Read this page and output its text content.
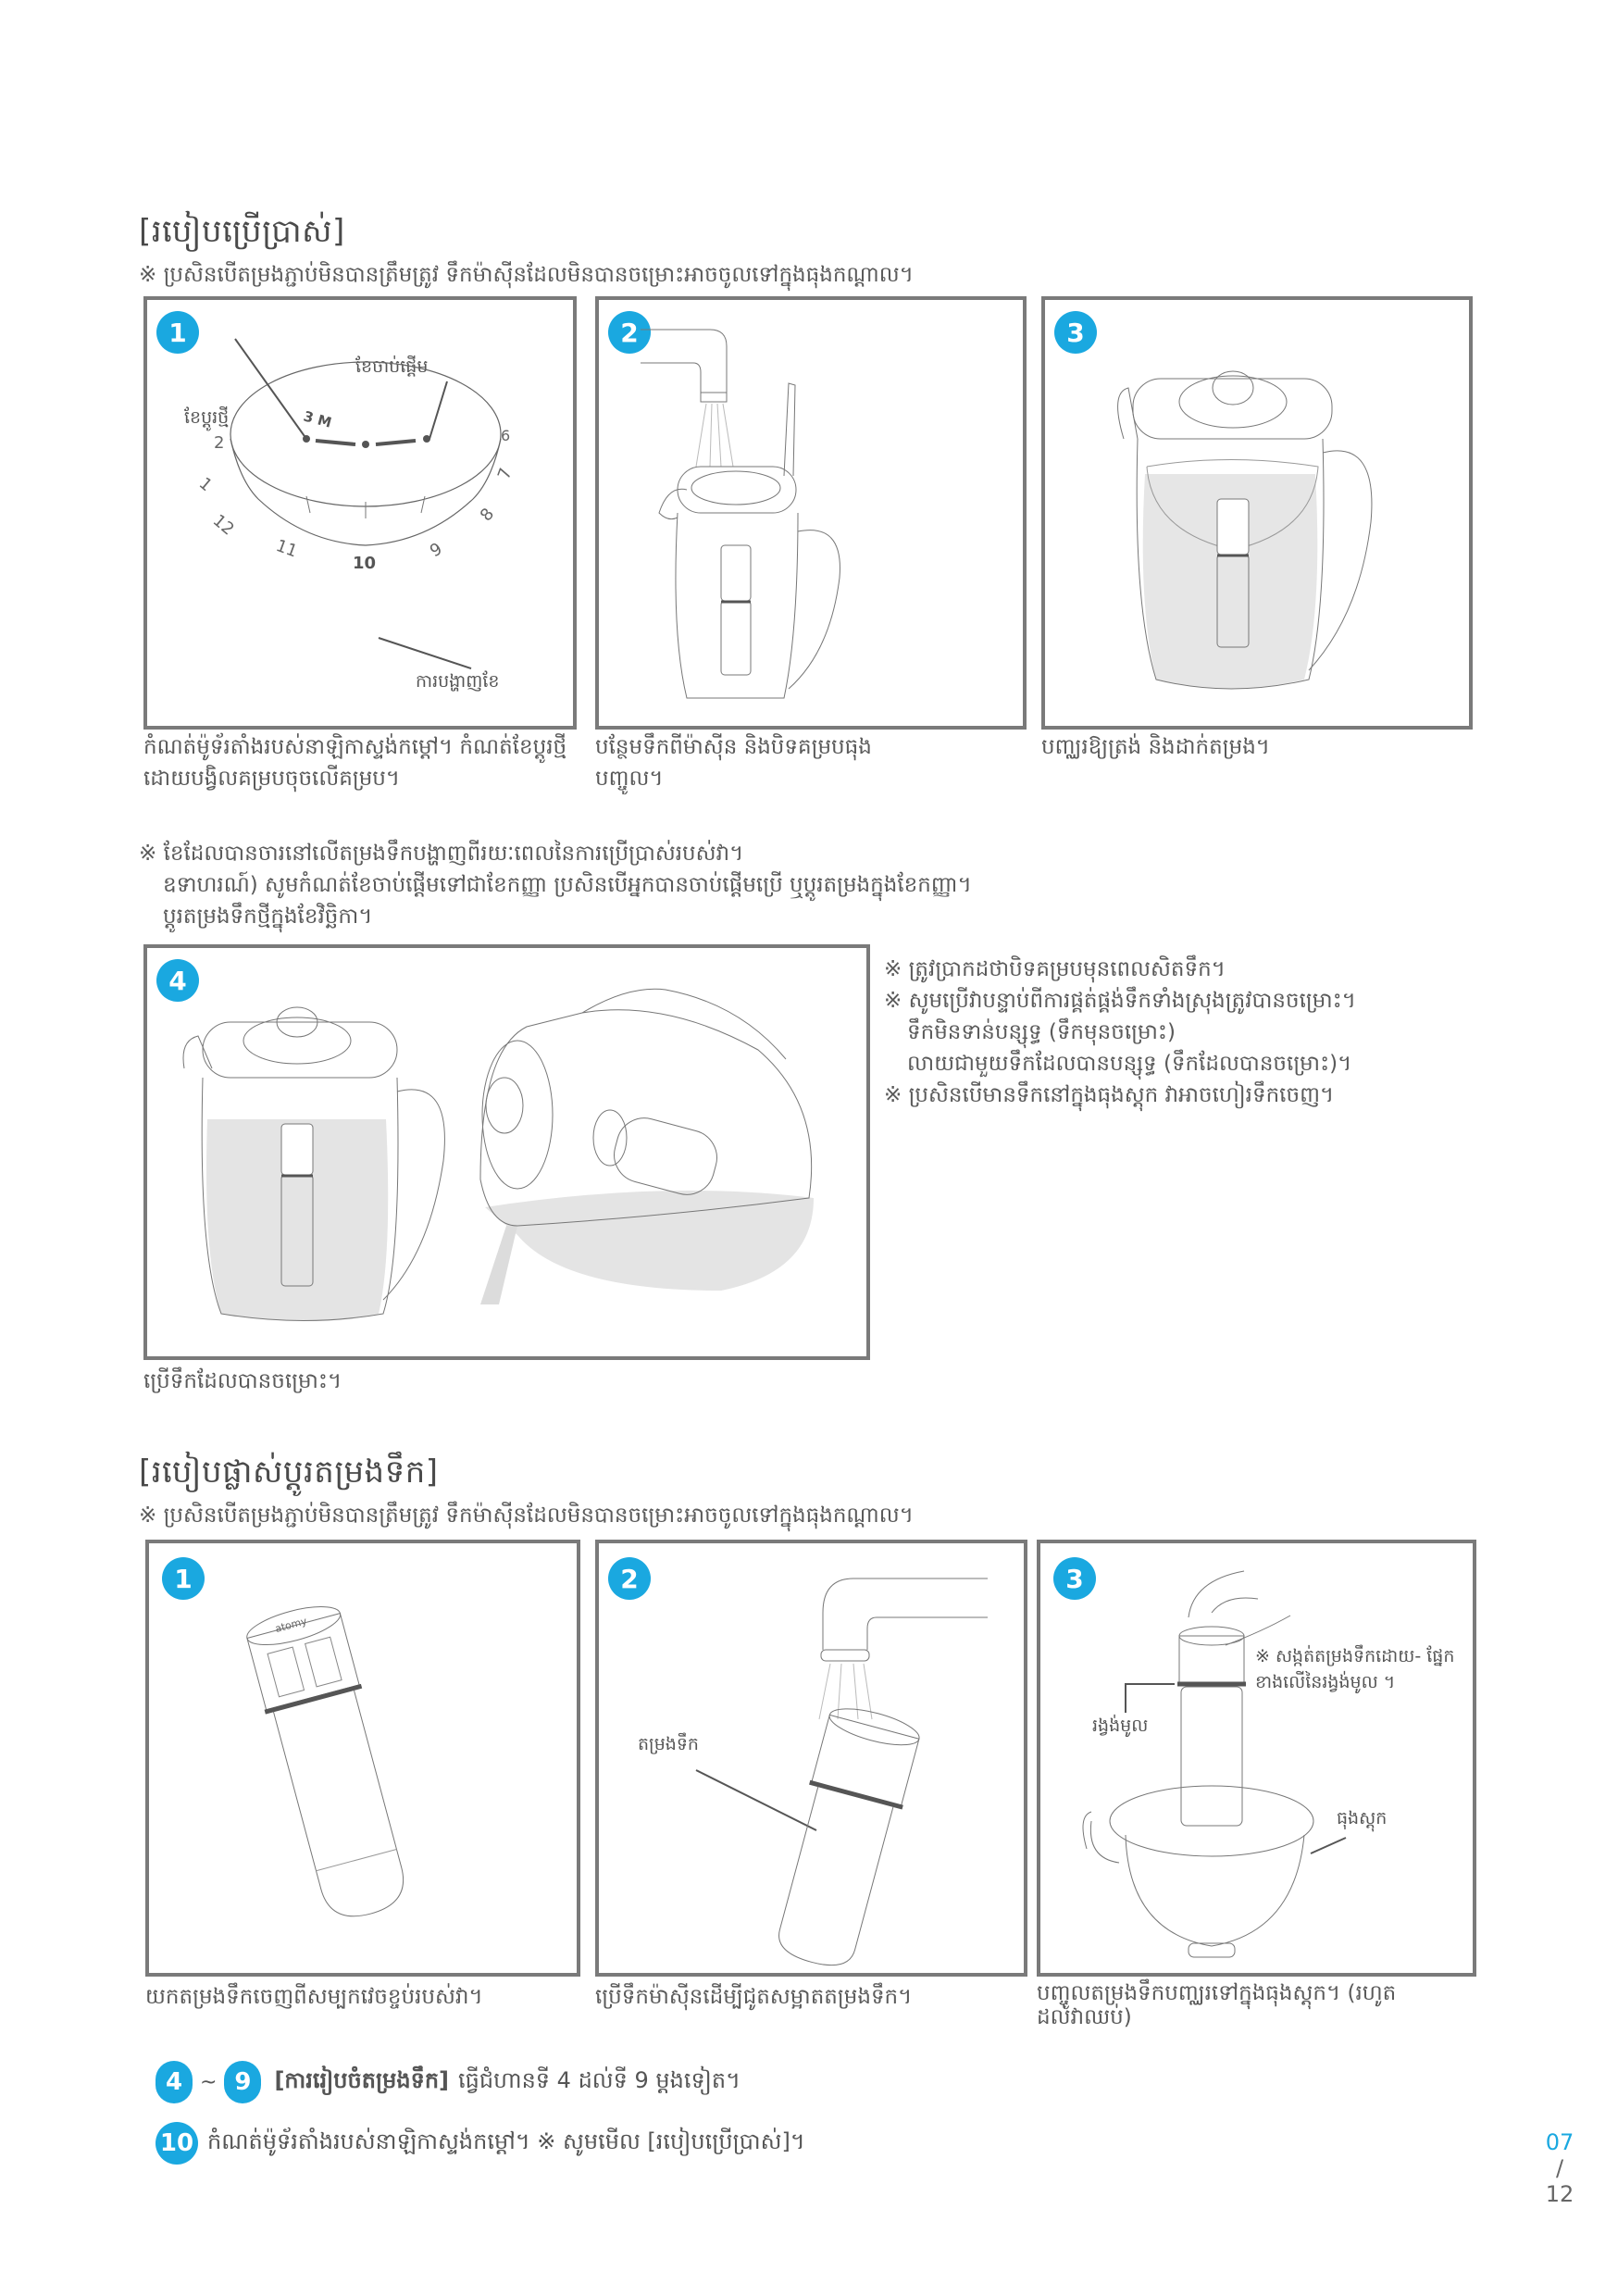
[របៀបប្រើប្រាស់]
※ ប្រសិនបើតម្រងភ្ជាប់មិនបានត្រឹមត្រូវ ទឹកម៉ាស៊ីនដែលមិនបានចម្រោះអាចចូលទៅក្នុងធុងកណ្ដាល។
1
ខែចាប់ផ្ដើម
ខែប្ដូរថ្មី
ការបង្ហាញខែ
3 M
2
1
12
11
10
9
8
7
6
2	3
កំណត់ម៉ូទ័រតាំងរបស់នាឡិកាស្ទង់កម្ដៅ។ កំណត់ខែប្ដូរថ្មីដោយបង្វិលគម្របចុចលើគម្រប។
បន្ថែមទឹកពីម៉ាស៊ីន និងបិទគម្របធុងបញ្ចូល។
បញ្ឈរឱ្យត្រង់ និងដាក់តម្រង។
※ ខែដែលបានចារនៅលើតម្រងទឹកបង្ហាញពីរយៈពេលនៃការប្រើប្រាស់របស់វា។
ឧទាហរណ៍) សូមកំណត់ខែចាប់ផ្ដើមទៅជាខែកញ្ញា ប្រសិនបើអ្នកបានចាប់ផ្ដើមប្រើ ឬប្ដូរតម្រងក្នុងខែកញ្ញា។
ប្ដូរតម្រងទឹកថ្មីក្នុងខែវិច្ឆិកា។
4	※ ត្រូវប្រាកដថាបិទគម្របមុនពេលសិតទឹក។
※ សូមប្រើវាបន្ទាប់ពីការផ្គត់ផ្គង់ទឹកទាំងស្រុងត្រូវបានចម្រោះ។
ទឹកមិនទាន់បន្សុទ្ធ (ទឹកមុនចម្រោះ)
លាយជាមួយទឹកដែលបានបន្សុទ្ធ (ទឹកដែលបានចម្រោះ)។
※ ប្រសិនបើមានទឹកនៅក្នុងធុងស្តុក វាអាចហៀរទឹកចេញ។
ប្រើទឹកដែលបានចម្រោះ។
[របៀបផ្លាស់ប្ដូរតម្រងទឹក]
※ ប្រសិនបើតម្រងភ្ជាប់មិនបានត្រឹមត្រូវ ទឹកម៉ាស៊ីនដែលមិនបានចម្រោះអាចចូលទៅក្នុងធុងកណ្ដាល។
1
atomy
2
តម្រងទឹក
3
※ សង្កត់តម្រងទឹកដោយ- ផ្នែកខាងលើនៃរង្វង់មូល ។
រង្វង់មូល
ធុងស្តុក
យកតម្រងទឹកចេញពីសម្បកវេចខ្ចប់របស់វា។	ប្រើទឹកម៉ាស៊ីនដើម្បីជូតសម្អាតតម្រងទឹក។	បញ្ចូលតម្រងទឹកបញ្ឈរទៅក្នុងធុងស្តុក។ (រហូតដល់វាឈប់)
4 ~ 9	[ការរៀបចំតម្រងទឹក] ធ្វើជំហានទី 4 ដល់ទី 9 ម្ដងទៀត។
10 កំណត់ម៉ូទ័រតាំងរបស់នាឡិកាស្ទង់កម្ដៅ។ ※ សូមមើល [របៀបប្រើប្រាស់]។	07
/
12
